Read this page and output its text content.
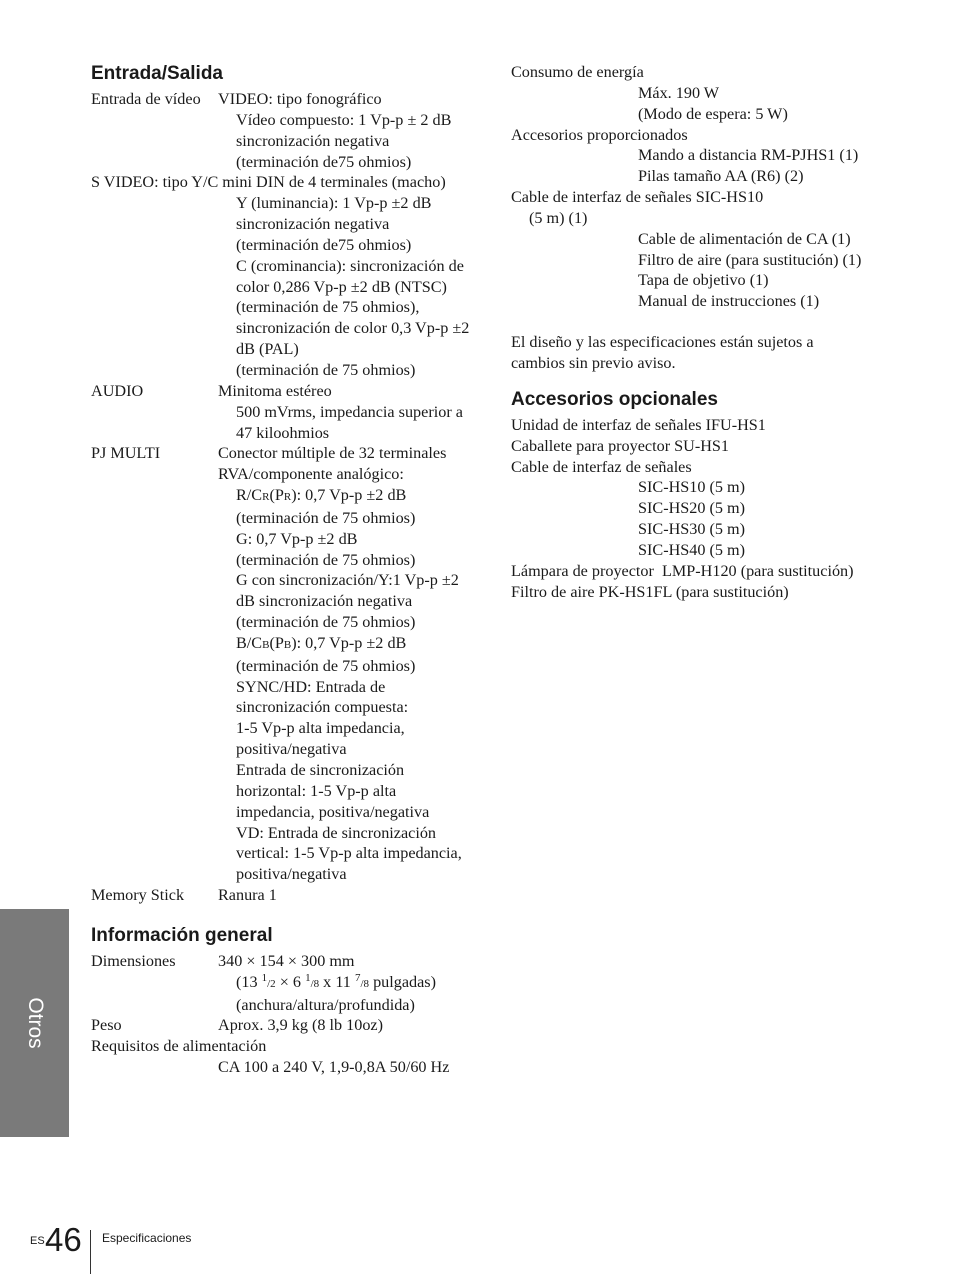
Entrada/Salida
Entrada de vídeo	VIDEO: tipo fonográfico
Vídeo compuesto: 1 Vp-p ± 2 dB sincronización negativa
(terminación de75 ohmios)
S VIDEO: tipo Y/C mini DIN de 4 terminales (macho)
Y (luminancia): 1 Vp-p ±2 dB sincronización negativa
(terminación de75 ohmios)
C (crominancia): sincronización de color 0,286 Vp-p ±2 dB (NTSC)
(terminación de 75 ohmios), sincronización de color 0,3 Vp-p ±2 dB (PAL)
(terminación de 75 ohmios)
AUDIO	Minitoma estéreo
500 mVrms, impedancia superior a 47 kiloohmios
PJ MULTI	Conector múltiple de 32 terminales
RVA/componente analógico:
R/CR(PR): 0,7 Vp-p ±2 dB
(terminación de 75 ohmios)
G: 0,7 Vp-p ±2 dB
(terminación de 75 ohmios)
G con sincronización/Y:1 Vp-p ±2 dB sincronización negativa
(terminación de 75 ohmios)
B/CB(PB): 0,7 Vp-p ±2 dB
(terminación de 75 ohmios)
SYNC/HD: Entrada de sincronización compuesta:
1-5 Vp-p alta impedancia, positiva/negativa
Entrada de sincronización horizontal: 1-5 Vp-p alta impedancia, positiva/negativa
VD: Entrada de sincronización vertical: 1-5 Vp-p alta impedancia, positiva/negativa
Memory Stick	Ranura 1
Información general
Dimensiones	340 × 154 × 300 mm
(13 $^1$/2 × 6 $^1$/8 x 11 $^7$/8 pulgadas)
(anchura/altura/profundida)
Peso	Aprox. 3,9 kg (8 lb 10oz)
Requisitos de alimentación
CA 100 a 240 V, 1,9-0,8A 50/60 Hz
Consumo de energía
Máx. 190 W
(Modo de espera: 5 W)
Accesorios proporcionados
Mando a distancia RM-PJHS1 (1)
Pilas tamaño AA (R6) (2)
Cable de interfaz de señales SIC-HS10 (5 m) (1)
Cable de alimentación de CA (1)
Filtro de aire (para sustitución) (1)
Tapa de objetivo (1)
Manual de instrucciones (1)

El diseño y las especificaciones están sujetos a cambios sin previo aviso.

Accesorios opcionales
Unidad de interfaz de señales IFU-HS1
Caballete para proyector SU-HS1
Cable de interfaz de señales
SIC-HS10 (5 m)
SIC-HS20 (5 m)
SIC-HS30 (5 m)
SIC-HS40 (5 m)
Lámpara de proyector  LMP-H120 (para sustitución)
Filtro de aire PK-HS1FL (para sustitución)
Otros
ES 46 Especificaciones
